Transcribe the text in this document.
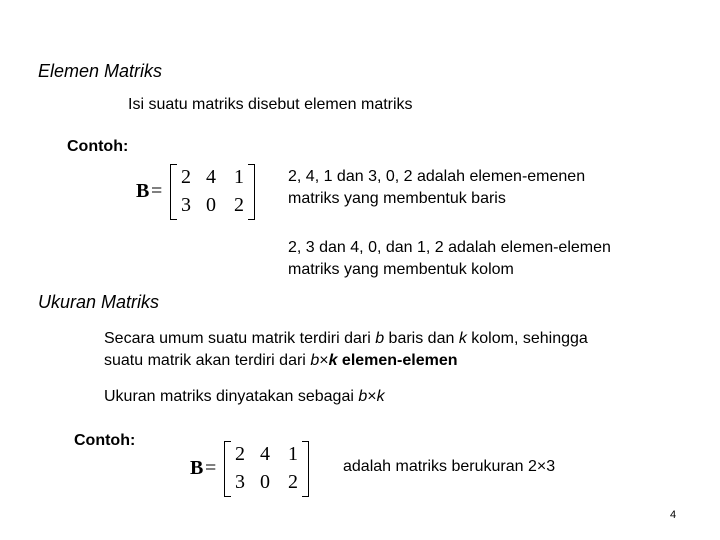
Elemen Matriks
Isi suatu matriks disebut elemen matriks
Contoh:
B =
2 4 1
3 0 2
2, 4, 1 dan 3, 0, 2 adalah elemen-emenen
matriks yang membentuk baris
2, 3 dan 4, 0, dan 1, 2 adalah elemen-elemen
matriks yang membentuk kolom
Ukuran Matriks
Secara umum suatu matrik terdiri dari b baris dan k kolom, sehingga
suatu matrik akan terdiri dari b×k elemen-elemen
Ukuran matriks dinyatakan sebagai b×k
Contoh:
B =
2 4 1
3 0 2
adalah matriks berukuran 2×3
4
